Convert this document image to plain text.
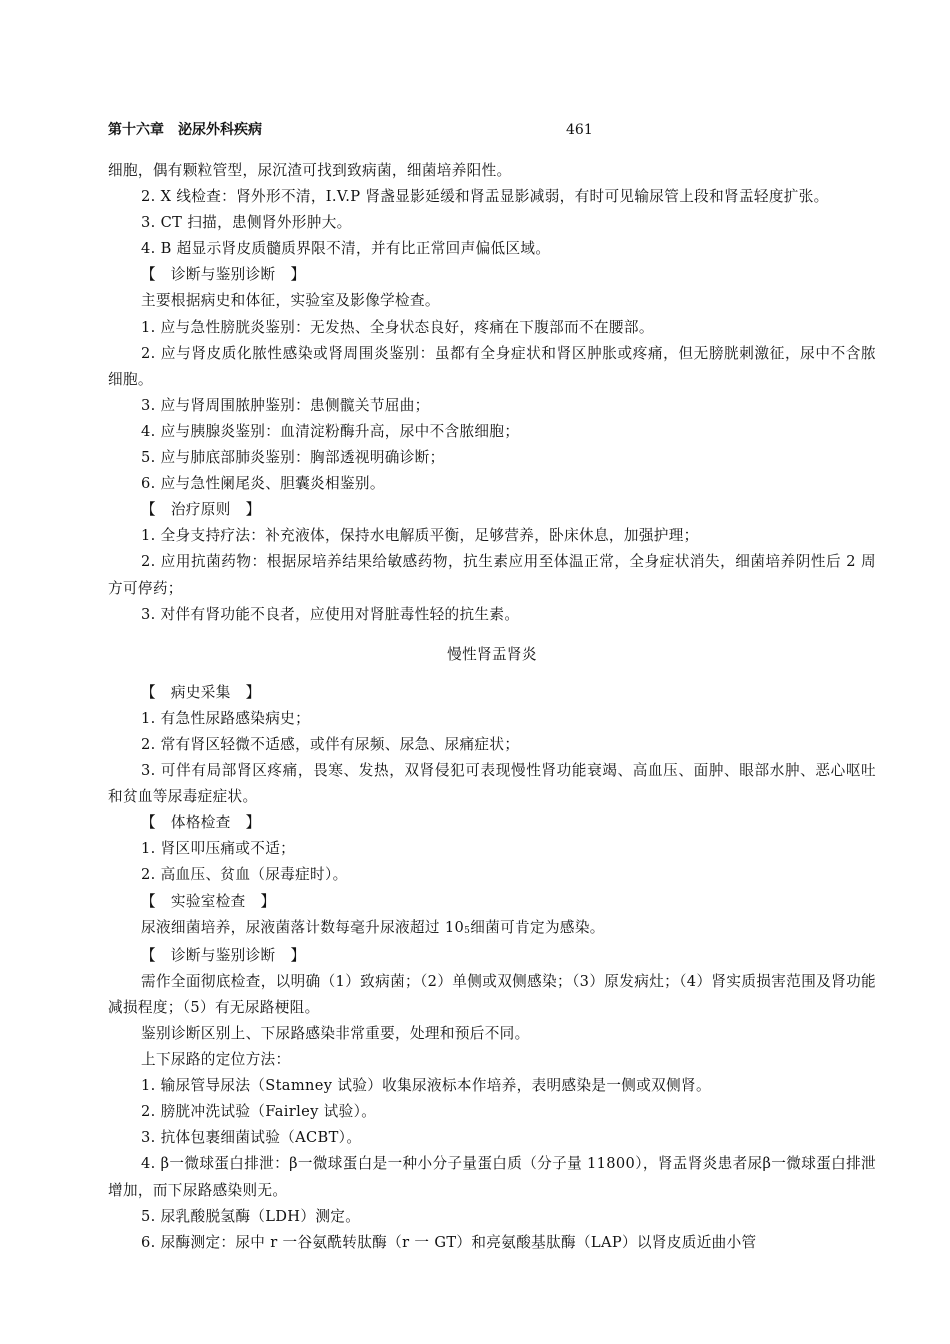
第十六章　泌尿外科疾病	461

细胞，偶有颗粒管型，尿沉渣可找到致病菌，细菌培养阳性。

2. X 线检查：肾外形不清，I.V.P 肾盏显影延缓和肾盂显影减弱，有时可见输尿管上段和肾盂轻度扩张。

3. CT 扫描，患侧肾外形肿大。

4. B 超显示肾皮质髓质界限不清，并有比正常回声偏低区域。

【　诊断与鉴别诊断　】

主要根据病史和体征，实验室及影像学检查。

1. 应与急性膀胱炎鉴别：无发热、全身状态良好，疼痛在下腹部而不在腰部。

2. 应与肾皮质化脓性感染或肾周围炎鉴别：虽都有全身症状和肾区肿胀或疼痛，但无膀胱刺激征，尿中不含脓细胞。

3. 应与肾周围脓肿鉴别：患侧髋关节屈曲；

4. 应与胰腺炎鉴别：血清淀粉酶升高，尿中不含脓细胞；

5. 应与肺底部肺炎鉴别：胸部透视明确诊断；

6. 应与急性阑尾炎、胆囊炎相鉴别。

【　治疗原则　】

1. 全身支持疗法：补充液体，保持水电解质平衡，足够营养，卧床休息，加强护理；

2. 应用抗菌药物：根据尿培养结果给敏感药物，抗生素应用至体温正常，全身症状消失，细菌培养阴性后 2 周方可停药；

3. 对伴有肾功能不良者，应使用对肾脏毒性轻的抗生素。

慢性肾盂肾炎

【　病史采集　】

1. 有急性尿路感染病史；

2. 常有肾区轻微不适感，或伴有尿频、尿急、尿痛症状；

3. 可伴有局部肾区疼痛，畏寒、发热，双肾侵犯可表现慢性肾功能衰竭、高血压、面肿、眼部水肿、恶心呕吐和贫血等尿毒症症状。

【　体格检查　】

1. 肾区叩压痛或不适；

2. 高血压、贫血（尿毒症时）。

【　实验室检查　】

尿液细菌培养，尿液菌落计数每毫升尿液超过 $10_5$细菌可肯定为感染。

【　诊断与鉴别诊断　】

需作全面彻底检查，以明确（1）致病菌；（2）单侧或双侧感染；（3）原发病灶；（4）肾实质损害范围及肾功能减损程度；（5）有无尿路梗阻。

鉴别诊断区别上、下尿路感染非常重要，处理和预后不同。

上下尿路的定位方法：

1. 输尿管导尿法（Stamney 试验）收集尿液标本作培养，表明感染是一侧或双侧肾。

2. 膀胱冲洗试验（Fairley 试验）。

3. 抗体包裹细菌试验（ACBT）。

4. β一微球蛋白排泄：β一微球蛋白是一种小分子量蛋白质（分子量 11800），肾盂肾炎患者尿β一微球蛋白排泄增加，而下尿路感染则无。

5. 尿乳酸脱氢酶（LDH）测定。

6. 尿酶测定：尿中 r 一谷氨酰转肽酶（r 一 GT）和亮氨酸基肽酶（LAP）以肾皮质近曲小管
